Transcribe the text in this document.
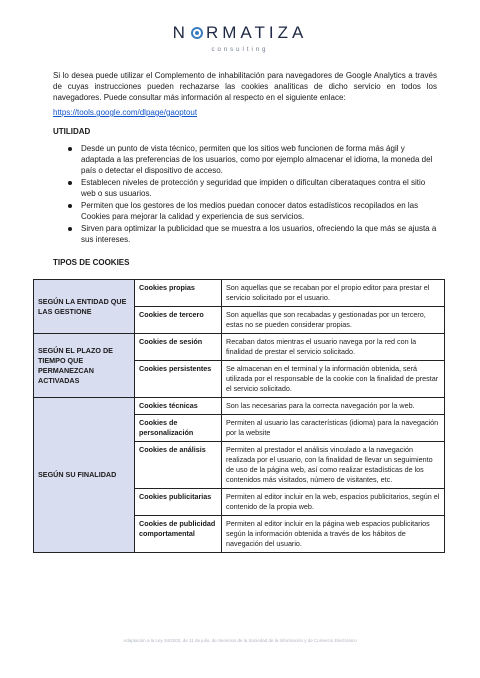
N RMATIZA
consulting

Si lo desea puede utilizar el Complemento de inhabilitación para navegadores de Google Analytics a través de cuyas instrucciones pueden rechazarse las cookies analíticas de dicho servicio en todos los navegadores. Puede consultar más información al respecto en el siguiente enlace:

https://tools.google.com/dlpage/gaoptout

UTILIDAD

Desde un punto de vista técnico, permiten que los sitios web funcionen de forma más ágil y adaptada a las preferencias de los usuarios, como por ejemplo almacenar el idioma, la moneda del país o detectar el dispositivo de acceso.
Establecen niveles de protección y seguridad que impiden o dificultan ciberataques contra el sitio web o sus usuarios.
Permiten que los gestores de los medios puedan conocer datos estadísticos recopilados en las Cookies para mejorar la calidad y experiencia de sus servicios.
Sirven para optimizar la publicidad que se muestra a los usuarios, ofreciendo la que más se ajusta a sus intereses.

TIPOS DE COOKIES

SEGÚN LA ENTIDAD QUE LAS GESTIONE	Cookies propias	Son aquellas que se recaban por el propio editor para prestar el servicio solicitado por el usuario.
	Cookies de tercero	Son aquellas que son recabadas y gestionadas por un tercero, estas no se pueden considerar propias.
SEGÚN EL PLAZO DE TIEMPO QUE PERMANEZCAN ACTIVADAS	Cookies de sesión	Recaban datos mientras el usuario navega por la red con la finalidad de prestar el servicio solicitado.
	Cookies persistentes	Se almacenan en el terminal y la información obtenida, será utilizada por el responsable de la cookie con la finalidad de prestar el servicio solicitado.
SEGÚN SU FINALIDAD	Cookies técnicas	Son las necesarias para la correcta navegación por la web.
	Cookies de personalización	Permiten al usuario las características (idioma) para la navegación por la website
	Cookies de análisis	Permiten al prestador el análisis vinculado a la navegación realizada por el usuario, con la finalidad de llevar un seguimiento de uso de la página web, así como realizar estadísticas de los contenidos más visitados, número de visitantes, etc.
	Cookies publicitarias	Permiten al editor incluir en la web, espacios publicitarios, según el contenido de la propia web.
	Cookies de publicidad comportamental	Permiten al editor incluir en la página web espacios publicitarios según la información obtenida a través de los hábitos de navegación del usuario.

Adaptación a la Ley 34/2002, de 11 de julio, de Servicios de la Sociedad de la Información y de Comercio Electrónico
